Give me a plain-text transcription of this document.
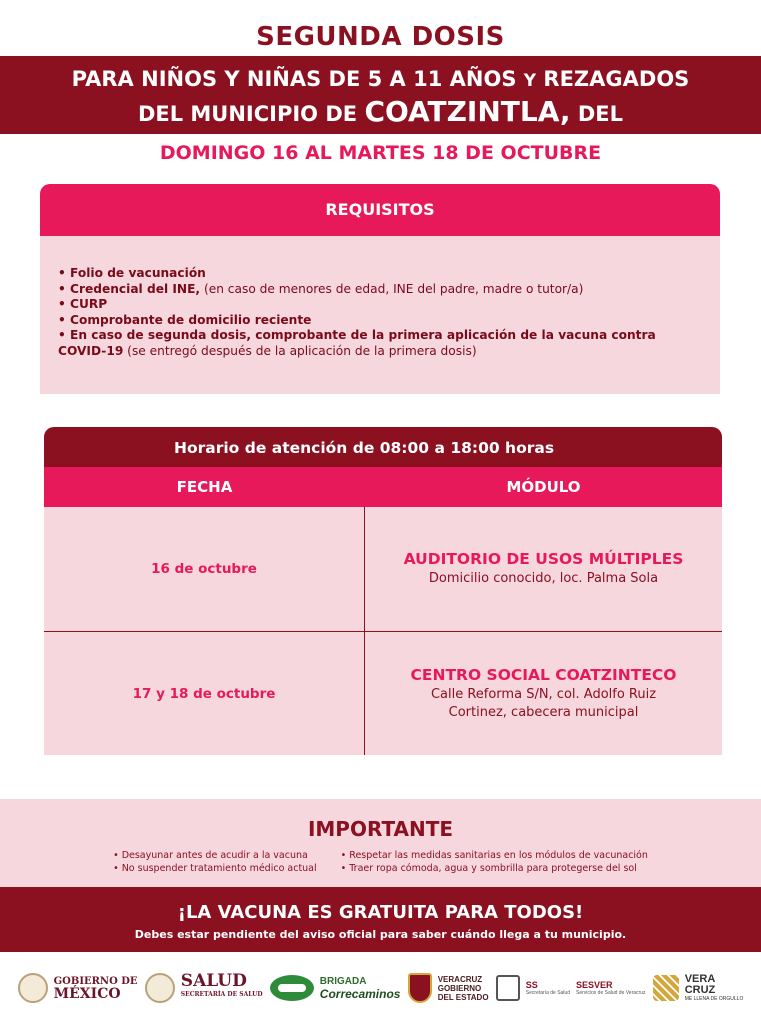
SEGUNDA DOSIS
PARA NIÑOS Y NIÑAS DE 5 A 11 AÑOS Y REZAGADOS
DEL MUNICIPIO DE COATZINTLA, DEL
DOMINGO 16 AL MARTES 18 DE OCTUBRE
REQUISITOS
• Folio de vacunación
• Credencial del INE, (en caso de menores de edad, INE del padre, madre o tutor/a)
• CURP
• Comprobante de domicilio reciente
• En caso de segunda dosis, comprobante de la primera aplicación de la vacuna contra COVID-19 (se entregó después de la aplicación de la primera dosis)
Horario de atención de 08:00 a 18:00 horas
FECHA	MÓDULO
16 de octubre
AUDITORIO DE USOS MÚLTIPLES
Domicilio conocido, loc. Palma Sola
17 y 18 de octubre
CENTRO SOCIAL COATZINTECO
Calle Reforma S/N, col. Adolfo Ruiz Cortinez, cabecera municipal
IMPORTANTE
• Desayunar antes de acudir a la vacuna
• No suspender tratamiento médico actual
• Respetar las medidas sanitarias en los módulos de vacunación
• Traer ropa cómoda, agua y sombrilla para protegerse del sol
¡LA VACUNA ES GRATUITA PARA TODOS!
Debes estar pendiente del aviso oficial para saber cuándo llega a tu municipio.
GOBIERNO DE
MÉXICO
SALUD
SECRETARÍA DE SALUD
BRIGADA
Correcaminos
VERACRUZ
GOBIERNO
DEL ESTADO
SS
Secretaría de Salud
SESVER
Servicios de Salud de Veracruz
VERA
CRUZ
ME LLENA DE ORGULLO
